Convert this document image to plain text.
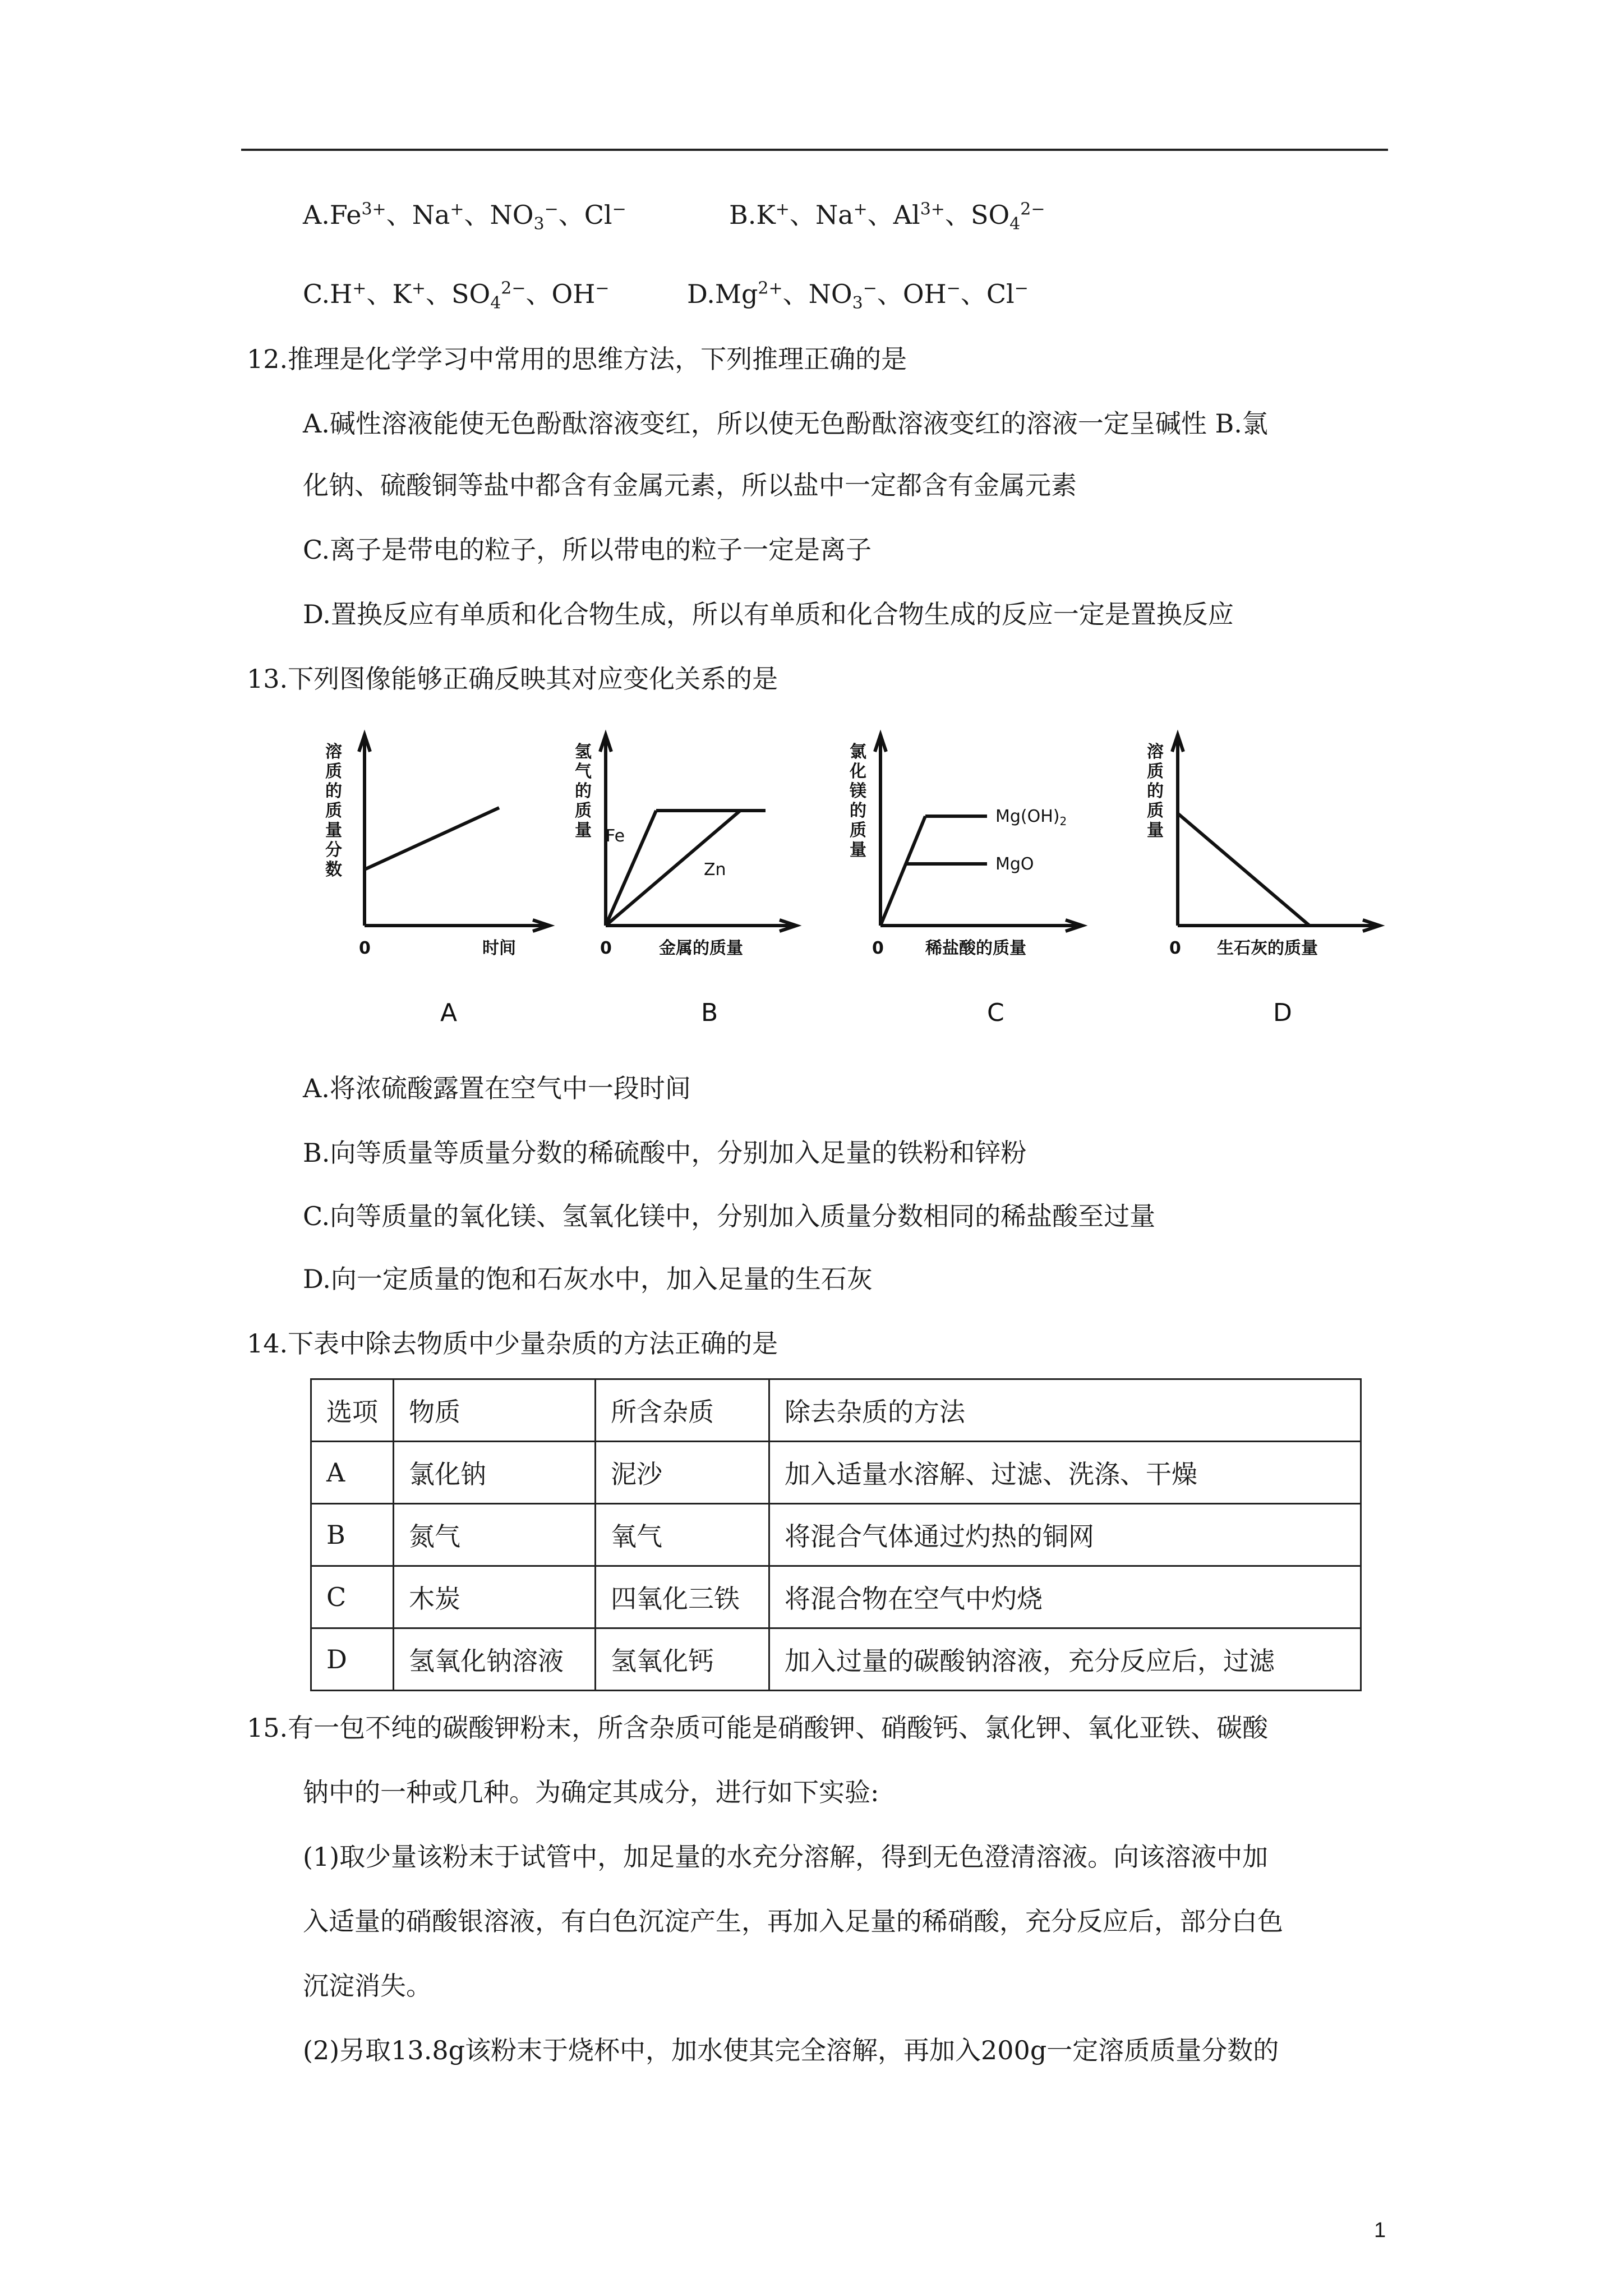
$A.Fe^{3+}$、Na+、$NO_3^-$、Cl−	B.K+、Na+、$Al^{3+}$、$SO_4^{2-}$
C.H+、K+、$SO_4^{2-}$、OH−	$D.Mg^{2+}$、$NO_3^-$、OH−、Cl−
12.推理是化学学习中常用的思维方法，下列推理正确的是
A.碱性溶液能使无色酚酞溶液变红，所以使无色酚酞溶液变红的溶液一定呈碱性 B.氯
化钠、硫酸铜等盐中都含有金属元素，所以盐中一定都含有金属元素
C.离子是带电的粒子，所以带电的粒子一定是离子
D.置换反应有单质和化合物生成，所以有单质和化合物生成的反应一定是置换反应
13.下列图像能够正确反映其对应变化关系的是
溶
质
的
质
量
分
数
0	时间
A
氢
气
的
质
量 Fe
Zn
0	金属的质量
B
氯
化
镁
的
质
量
$Mg(OH)_2$
MgO
0 稀盐酸的质量
C
溶
质
的
质
量
0 生石灰的质量
D
A.将浓硫酸露置在空气中一段时间
B.向等质量等质量分数的稀硫酸中，分别加入足量的铁粉和锌粉
C.向等质量的氧化镁、氢氧化镁中，分别加入质量分数相同的稀盐酸至过量
D.向一定质量的饱和石灰水中，加入足量的生石灰
14.下表中除去物质中少量杂质的方法正确的是
选项	物质	所含杂质	除去杂质的方法
A	氯化钠	泥沙	加入适量水溶解、过滤、洗涤、干燥
B	氮气	氧气	将混合气体通过灼热的铜网
C	木炭	四氧化三铁	将混合物在空气中灼烧
D	氢氧化钠溶液	氢氧化钙	加入过量的碳酸钠溶液，充分反应后，过滤
15.有一包不纯的碳酸钾粉末，所含杂质可能是硝酸钾、硝酸钙、氯化钾、氧化亚铁、碳酸
钠中的一种或几种。为确定其成分，进行如下实验:
(1)取少量该粉末于试管中，加足量的水充分溶解，得到无色澄清溶液。向该溶液中加
入适量的硝酸银溶液，有白色沉淀产生，再加入足量的稀硝酸，充分反应后，部分白色
沉淀消失。
(2)另取13.8g该粉末于烧杯中，加水使其完全溶解，再加入200g一定溶质质量分数的
1
